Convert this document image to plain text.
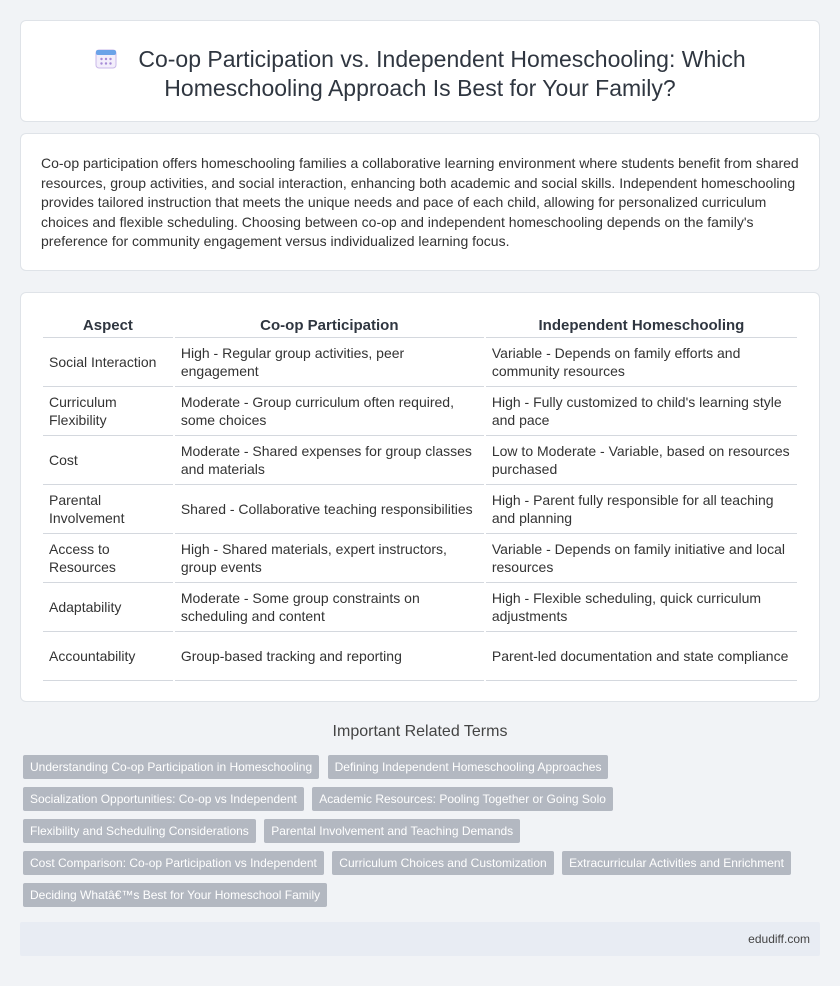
Co-op Participation vs. Independent Homeschooling: Which Homeschooling Approach Is Best for Your Family?

Co-op participation offers homeschooling families a collaborative learning environment where students benefit from shared resources, group activities, and social interaction, enhancing both academic and social skills. Independent homeschooling provides tailored instruction that meets the unique needs and pace of each child, allowing for personalized curriculum choices and flexible scheduling. Choosing between co-op and independent homeschooling depends on the family's preference for community engagement versus individualized learning focus.

Aspect	Co-op Participation	Independent Homeschooling
Social Interaction	High - Regular group activities, peer engagement	Variable - Depends on family efforts and community resources
Curriculum Flexibility	Moderate - Group curriculum often required, some choices	High - Fully customized to child's learning style and pace
Cost	Moderate - Shared expenses for group classes and materials	Low to Moderate - Variable, based on resources purchased
Parental Involvement	Shared - Collaborative teaching responsibilities	High - Parent fully responsible for all teaching and planning
Access to Resources	High - Shared materials, expert instructors, group events	Variable - Depends on family initiative and local resources
Adaptability	Moderate - Some group constraints on scheduling and content	High - Flexible scheduling, quick curriculum adjustments
Accountability	Group-based tracking and reporting	Parent-led documentation and state compliance
Important Related Terms
Understanding Co-op Participation in Homeschooling Defining Independent Homeschooling Approaches
Socialization Opportunities: Co-op vs Independent Academic Resources: Pooling Together or Going Solo
Flexibility and Scheduling Considerations Parental Involvement and Teaching Demands
Cost Comparison: Co-op Participation vs Independent Curriculum Choices and Customization Extracurricular Activities and Enrichment
Deciding Whatâ€™s Best for Your Homeschool Family
edudiff.com
